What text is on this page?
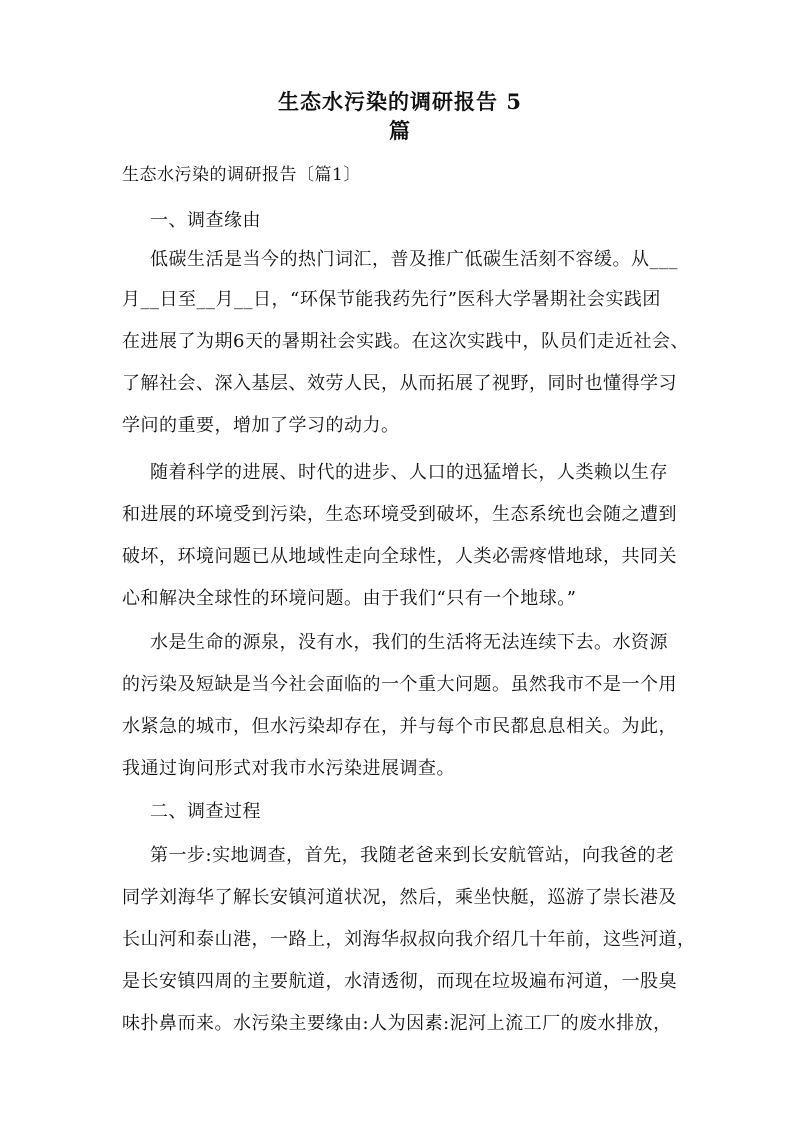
生态水污染的调研报告 5
篇
生态水污染的调研报告〔篇1〕
一、调查缘由
低碳生活是当今的热门词汇，普及推广低碳生活刻不容缓。从___
月__日至__月__日，“环保节能我药先行”医科大学暑期社会实践团
在进展了为期6天的暑期社会实践。在这次实践中，队员们走近社会、
了解社会、深入基层、效劳人民，从而拓展了视野，同时也懂得学习
学问的重要，增加了学习的动力。
随着科学的进展、时代的进步、人口的迅猛增长，人类赖以生存
和进展的环境受到污染，生态环境受到破坏，生态系统也会随之遭到
破坏，环境问题已从地域性走向全球性，人类必需疼惜地球，共同关
心和解决全球性的环境问题。由于我们“只有一个地球。”
水是生命的源泉，没有水，我们的生活将无法连续下去。水资源
的污染及短缺是当今社会面临的一个重大问题。虽然我市不是一个用
水紧急的城市，但水污染却存在，并与每个市民都息息相关。为此，
我通过询问形式对我市水污染进展调查。
二、调查过程
第一步:实地调查，首先，我随老爸来到长安航管站，向我爸的老
同学刘海华了解长安镇河道状况，然后，乘坐快艇，巡游了崇长港及
长山河和泰山港，一路上，刘海华叔叔向我介绍几十年前，这些河道，
是长安镇四周的主要航道，水清透彻，而现在垃圾遍布河道，一股臭
味扑鼻而来。水污染主要缘由:人为因素:泥河上流工厂的废水排放，
